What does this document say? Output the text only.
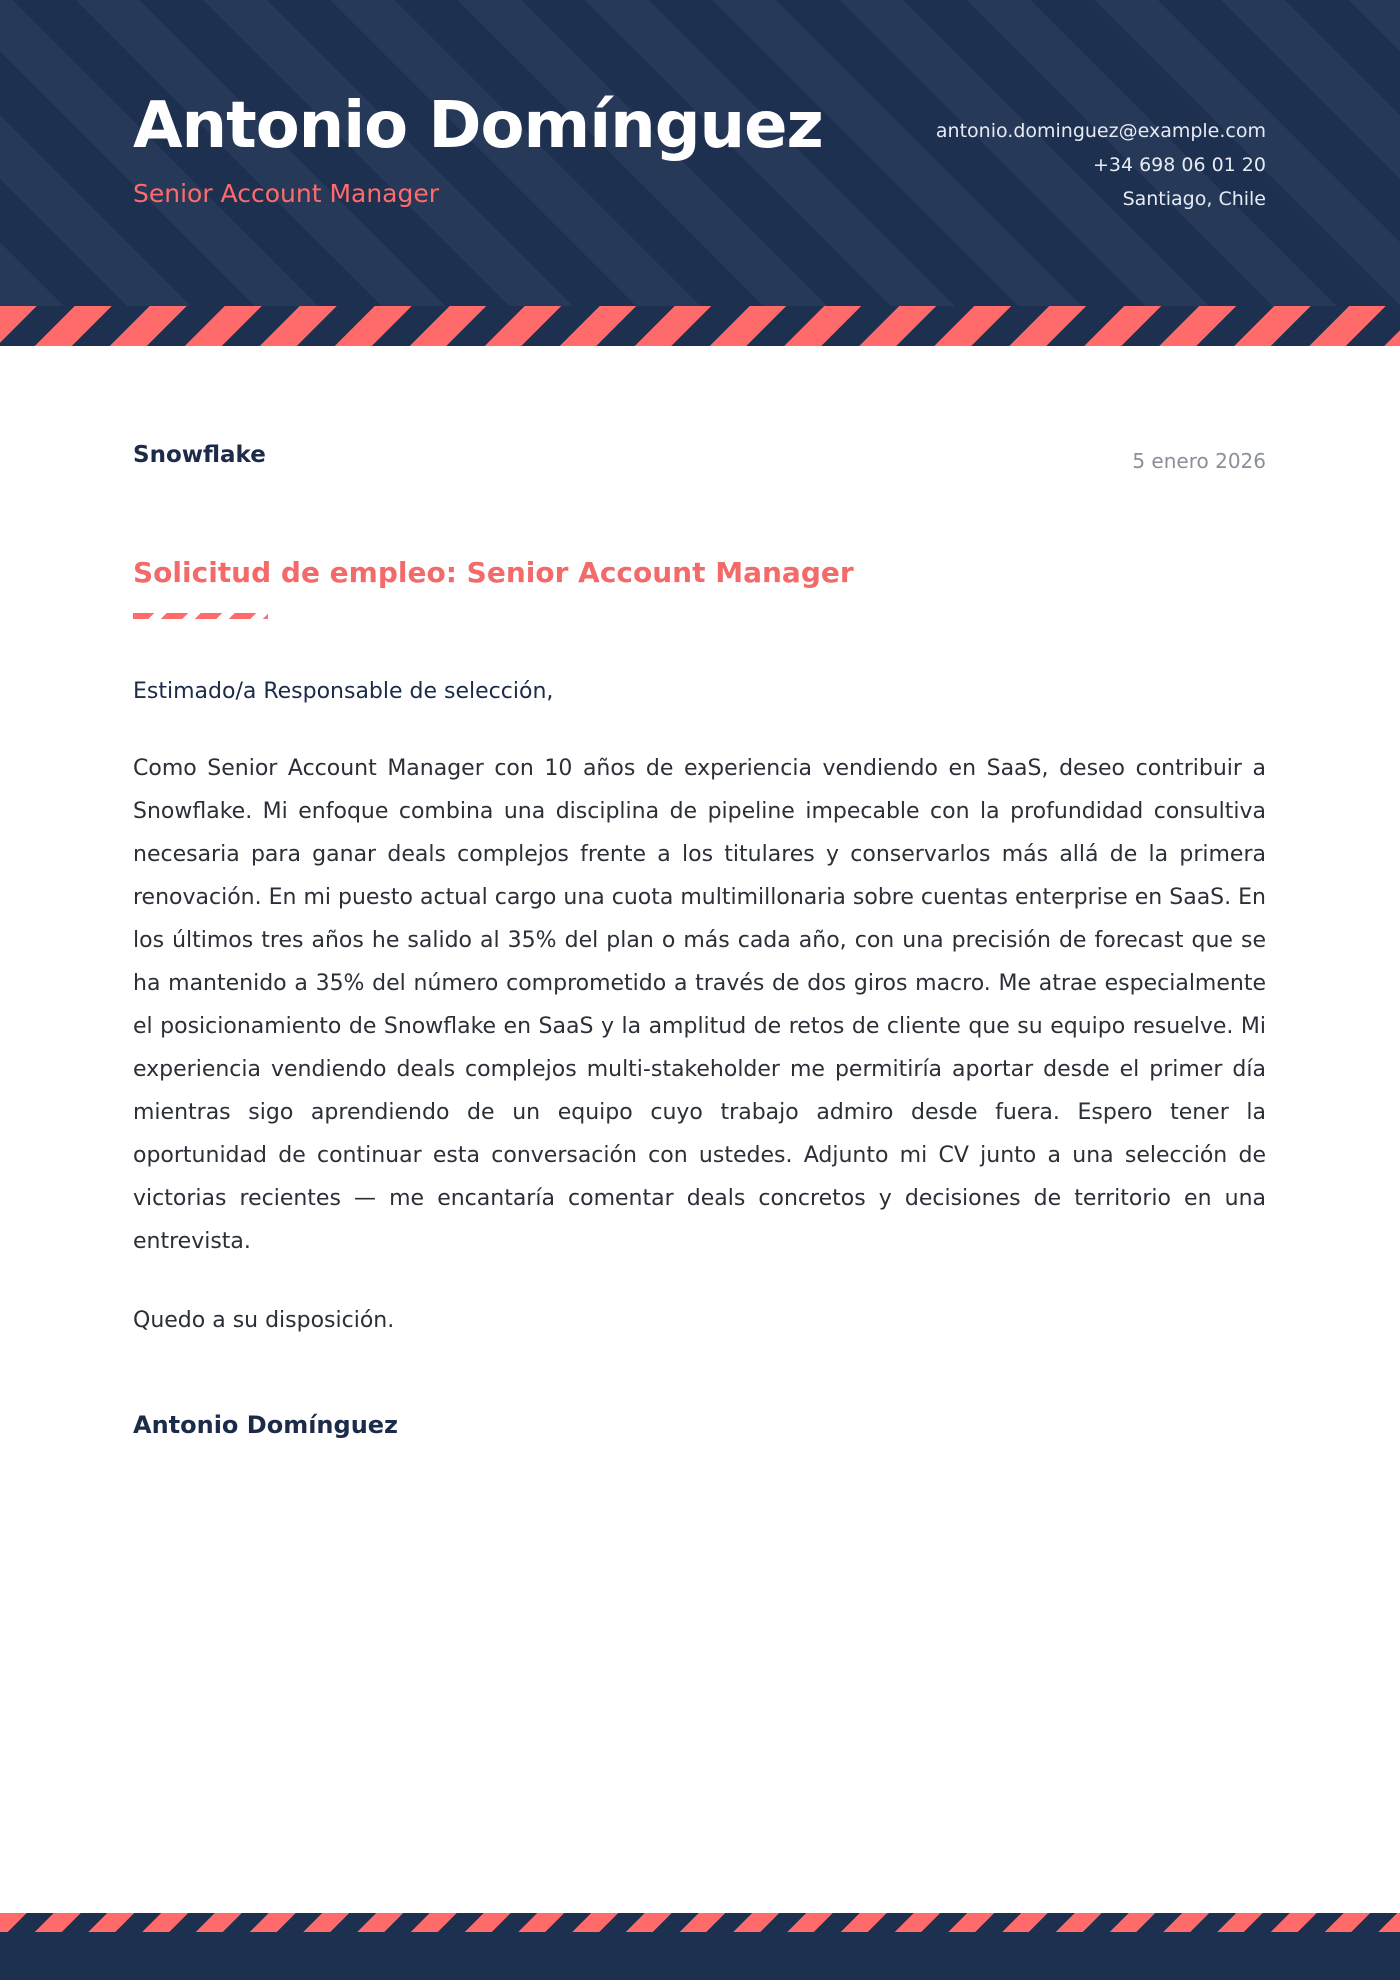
Antonio Domínguez
Senior Account Manager
antonio.dominguez@example.com
+34 698 06 01 20
Santiago, Chile
Snowflake	5 enero 2026
Solicitud de empleo: Senior Account Manager

Estimado/a Responsable de selección,

Como Senior Account Manager con 10 años de experiencia vendiendo en SaaS, deseo contribuir a Snowflake. Mi enfoque combina una disciplina de pipeline impecable con la profundidad consultiva necesaria para ganar deals complejos frente a los titulares y conservarlos más allá de la primera renovación. En mi puesto actual cargo una cuota multimillonaria sobre cuentas enterprise en SaaS. En los últimos tres años he salido al 35% del plan o más cada año, con una precisión de forecast que se ha mantenido a 35% del número comprometido a través de dos giros macro. Me atrae especialmente el posicionamiento de Snowflake en SaaS y la amplitud de retos de cliente que su equipo resuelve. Mi experiencia vendiendo deals complejos multi-stakeholder me permitiría aportar desde el primer día mientras sigo aprendiendo de un equipo cuyo trabajo admiro desde fuera. Espero tener la oportunidad de continuar esta conversación con ustedes. Adjunto mi CV junto a una selección de victorias recientes — me encantaría comentar deals concretos y decisiones de territorio en una entrevista.

Quedo a su disposición.

Antonio Domínguez
